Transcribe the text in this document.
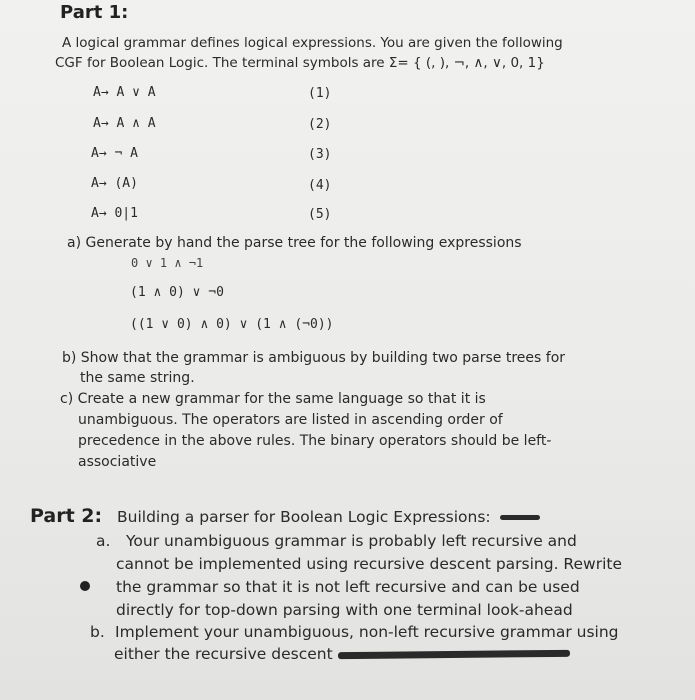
Part 1:
A logical grammar defines logical expressions. You are given the following
CGF for Boolean Logic. The terminal symbols are Σ= { (, ), ¬, ∧, ∨, 0, 1}
A→ A ∨ A	(1)
A→ A ∧ A	(2)
A→ ¬ A	(3)
A→ (A)	(4)
A→ 0|1	(5)
a) Generate by hand the parse tree for the following expressions
0 ∨ 1 ∧ ¬1
(1 ∧ 0) ∨ ¬0
((1 ∨ 0) ∧ 0) ∨ (1 ∧ (¬0))
b) Show that the grammar is ambiguous by building two parse trees for
the same string.
c) Create a new grammar for the same language so that it is
unambiguous. The operators are listed in ascending order of
precedence in the above rules. The binary operators should be left-
associative
Part 2: Building a parser for Boolean Logic Expressions:
a. Your unambiguous grammar is probably left recursive and
cannot be implemented using recursive descent parsing. Rewrite
the grammar so that it is not left recursive and can be used
directly for top-down parsing with one terminal look-ahead
b. Implement your unambiguous, non-left recursive grammar using
either the recursive descent
